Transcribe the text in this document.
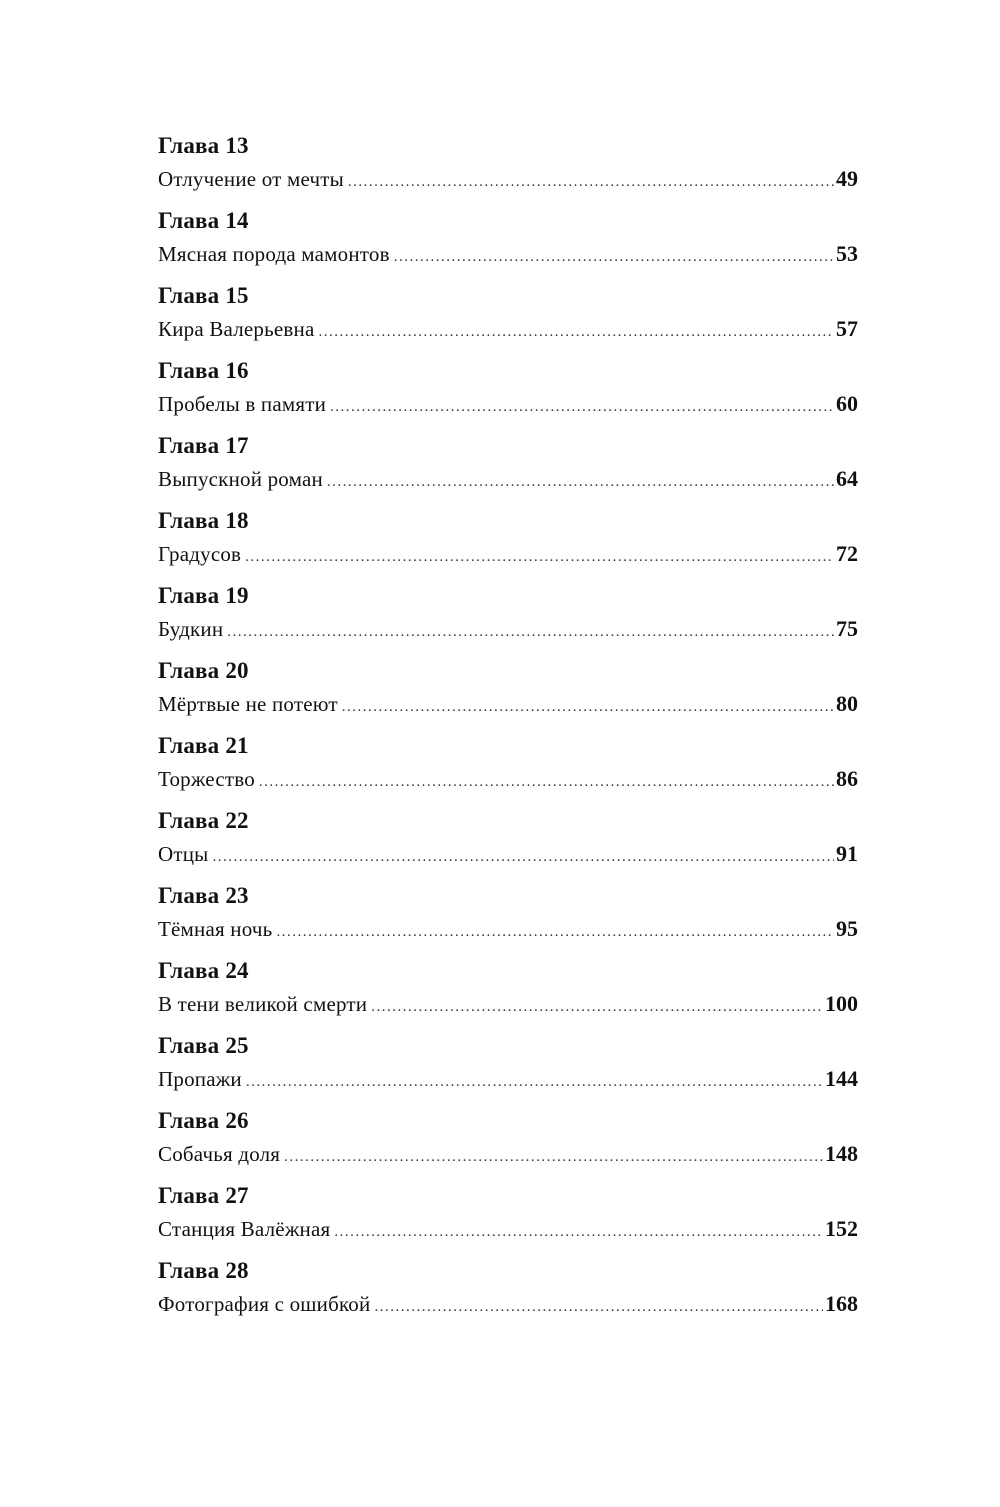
Глава 13
Отлучение от мечты .....	49
Глава 14
Мясная порода мамонтов .....	53
Глава 15
Кира Валерьевна .....	57
Глава 16
Пробелы в памяти .....	60
Глава 17
Выпускной роман .....	64
Глава 18
Градусов .....	72
Глава 19
Будкин .....	75
Глава 20
Мёртвые не потеют .....	80
Глава 21
Торжество .....	86
Глава 22
Отцы .....	91
Глава 23
Тёмная ночь .....	95
Глава 24
В тени великой смерти .....	100
Глава 25
Пропажи .....	144
Глава 26
Собачья доля .....	148
Глава 27
Станция Валёжная .....	152
Глава 28
Фотография с ошибкой .....	168
